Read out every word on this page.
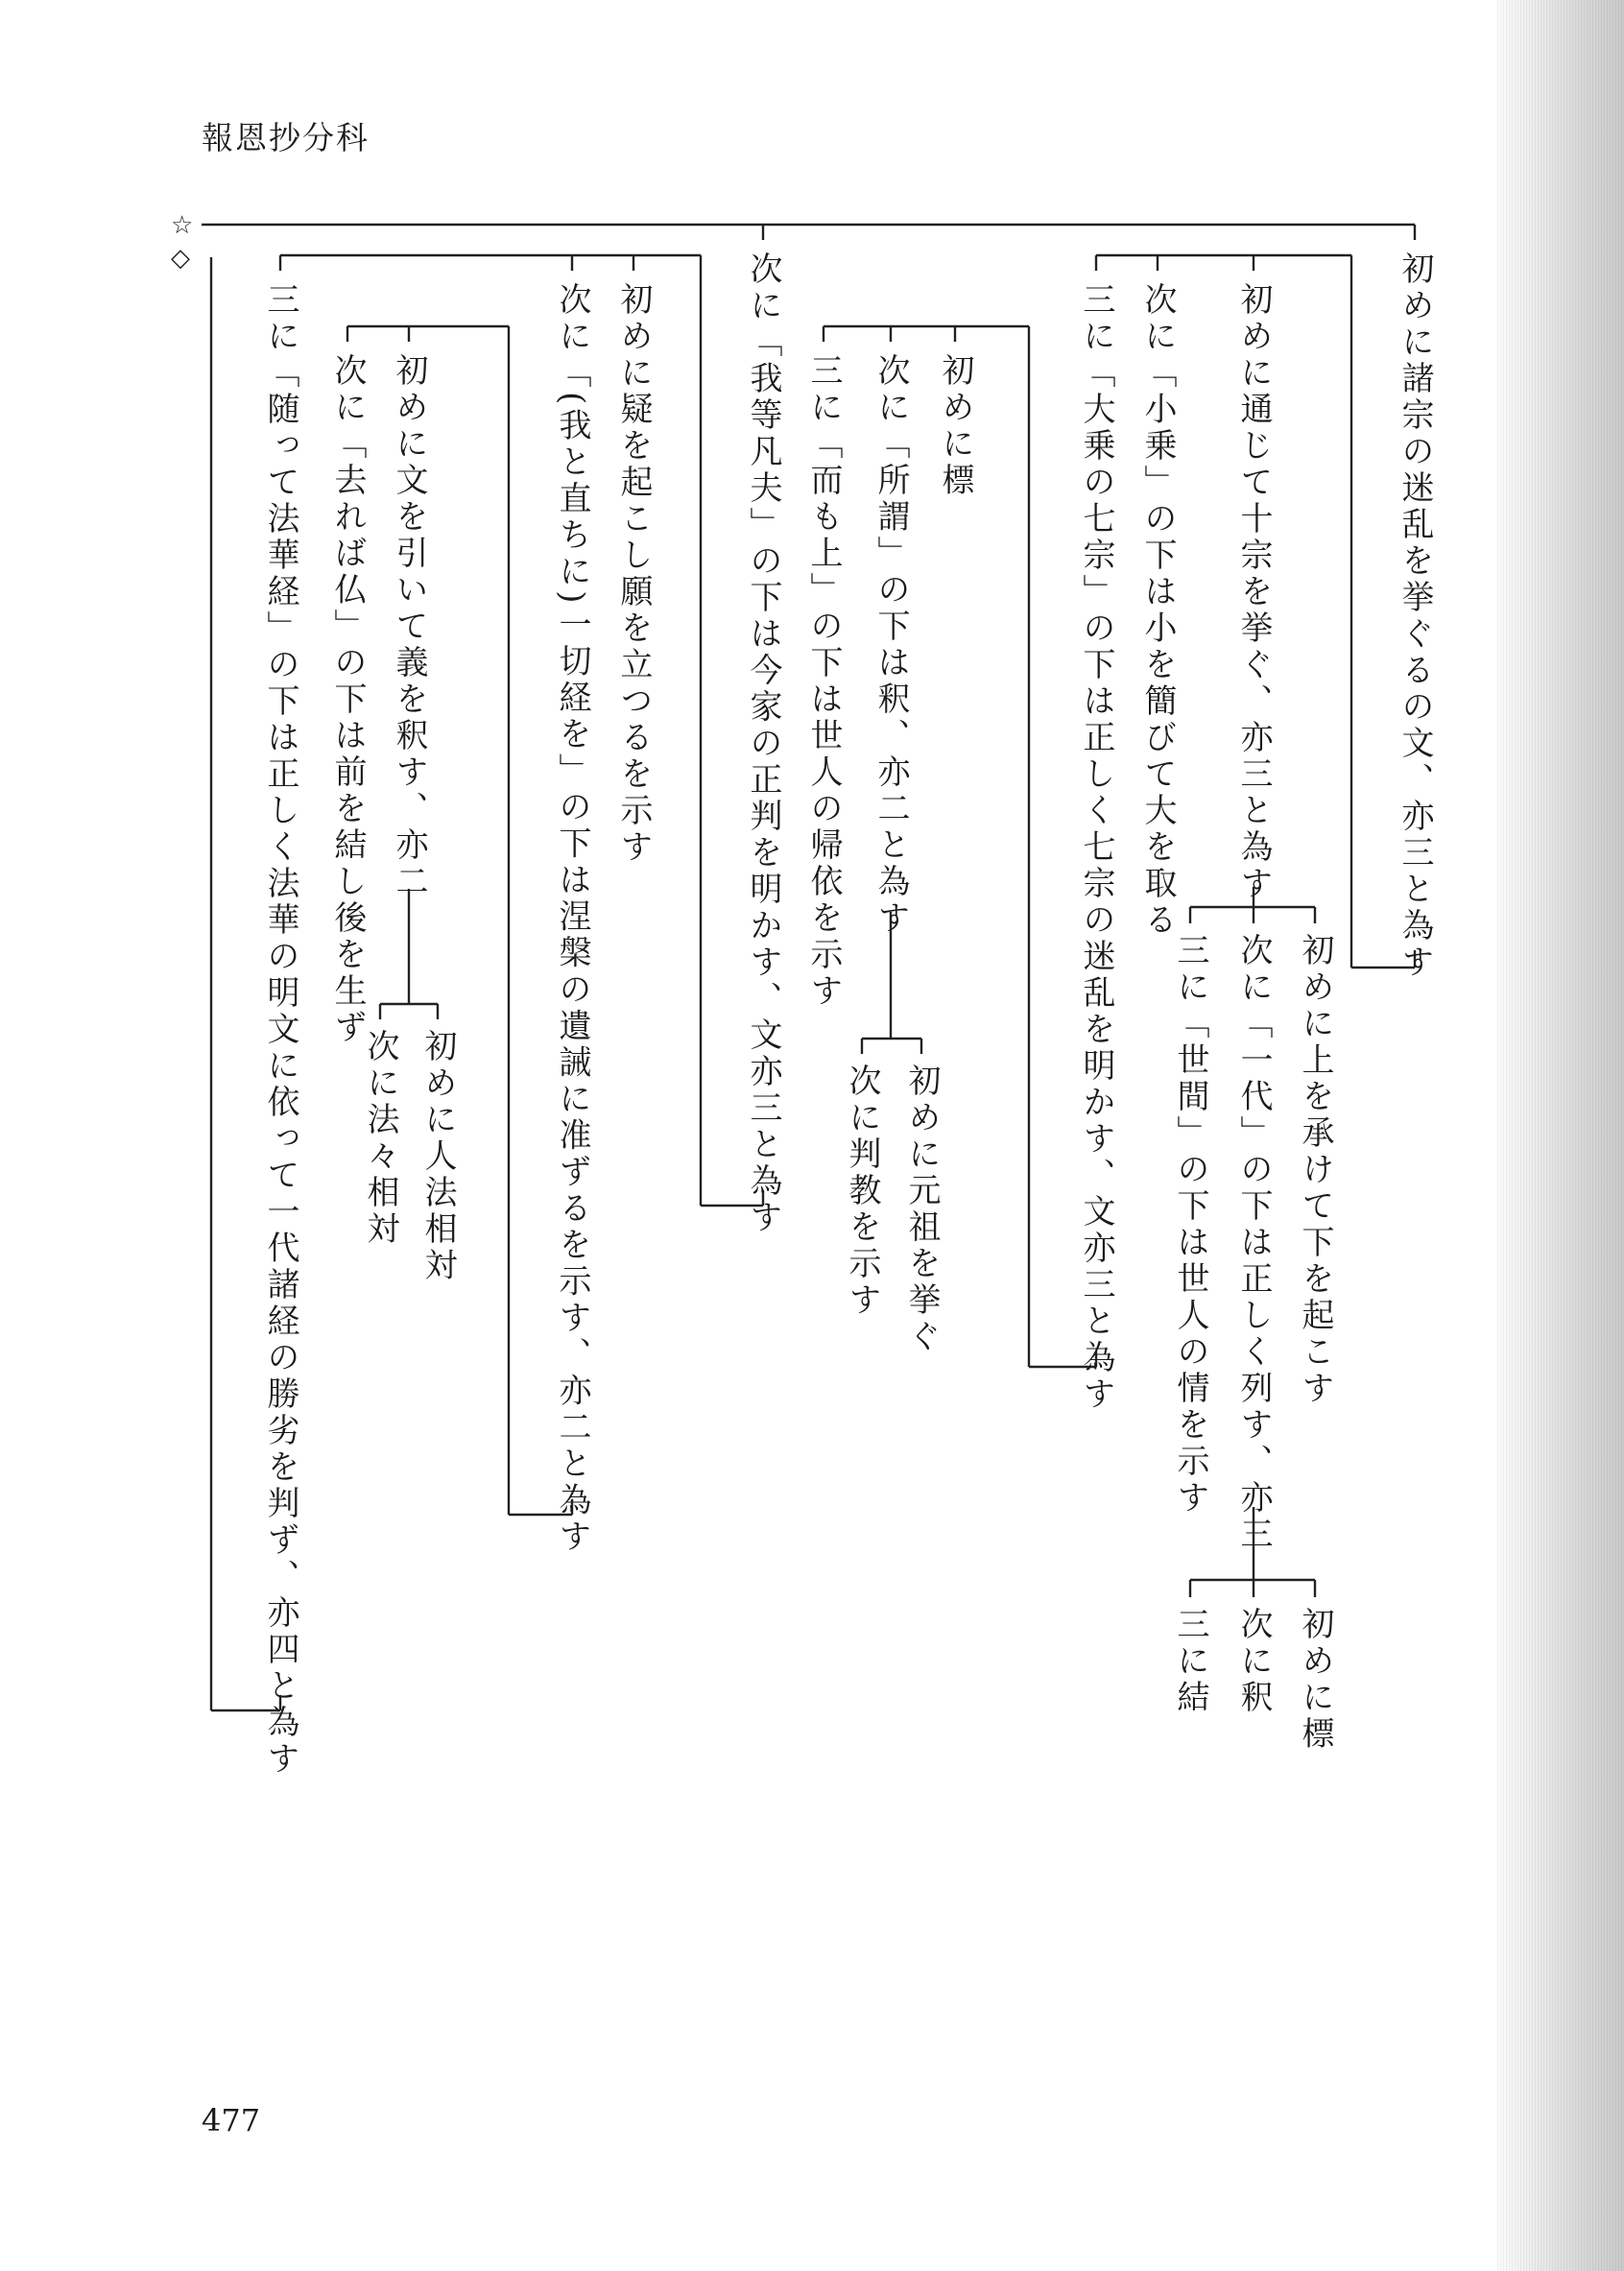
報恩抄分科
☆
◇	初めに諸宗の迷乱を挙ぐるの文、亦三と為す
初めに通じて十宗を挙ぐ、亦三と為す
初めに上を承けて下を起こす
次に「一代」の下は正しく列す、亦三
初めに標
次に釈
三に結
三に「世間」の下は世人の情を示す
次に「小乗」の下は小を簡びて大を取る
三に「大乗の七宗」の下は正しく七宗の迷乱を明かす、文亦三と為す
次に「我等凡夫」の下は今家の正判を明かす、文亦三と為す	初めに標
次に「所謂」の下は釈、亦二と為す
初めに元祖を挙ぐ
次に判教を示す
三に「而も上」の下は世人の帰依を示す
初めに疑を起こし願を立つるを示す
次に「(我と直ちに)一切経を」の下は涅槃の遺誡に准ずるを示す、亦二と為す
初めに文を引いて義を釈す、亦二
初めに人法相対
次に法々相対
次に「去れば仏」の下は前を結し後を生ず
三に「随って法華経」の下は正しく法華の明文に依って一代諸経の勝劣を判ず、亦四と為す
477
